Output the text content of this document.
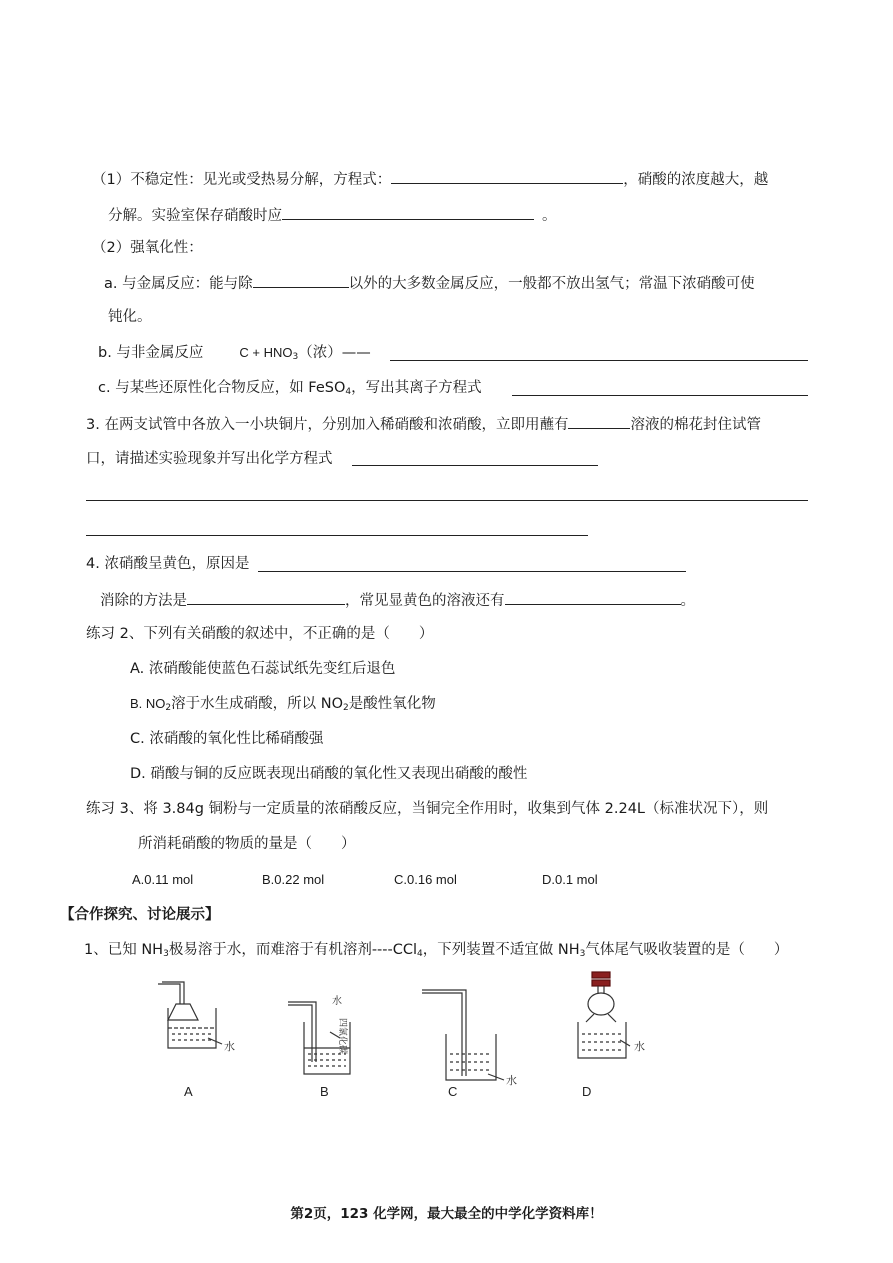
（1）不稳定性：见光或受热易分解，方程式：	，硝酸的浓度越大，越
分解。实验室保存硝酸时应	。
（2）强氧化性：
a. 与金属反应：能与除	以外的大多数金属反应，一般都不放出氢气；常温下浓硝酸可使
钝化。
b. 与非金属反应	$C + HNO_3$（浓）——
c. 与某些还原性化合物反应，如 FeSO$_4$，写出其离子方程式
3. 在两支试管中各放入一小块铜片，分别加入稀硝酸和浓硝酸，立即用蘸有	溶液的棉花封住试管
口，请描述实验现象并写出化学方程式
4. 浓硝酸呈黄色，原因是
消除的方法是	，常见显黄色的溶液还有	。
练习 2、下列有关硝酸的叙述中，不正确的是（　　）
A. 浓硝酸能使蓝色石蕊试纸先变红后退色
B. $NO_2$溶于水生成硝酸，所以 $NO_2$是酸性氧化物
C. 浓硝酸的氧化性比稀硝酸强
D. 硝酸与铜的反应既表现出硝酸的氧化性又表现出硝酸的酸性
练习 3、将 3.84g 铜粉与一定质量的浓硝酸反应，当铜完全作用时，收集到气体 2.24L（标准状况下），则
所消耗硝酸的物质的量是（　　）
A.0.11 mol	B.0.22 mol	C.0.16 mol	D.0.1 mol
【合作探究、讨论展示】
1、已知 $NH_3$极易溶于水，而难溶于有机溶剂----CCl$_4$，下列装置不适宜做 $NH_3$气体尾气吸收装置的是（　　）
水
水
水
水
四氯化碳
A	B	C	D
第2页，123 化学网，最大最全的中学化学资料库！
